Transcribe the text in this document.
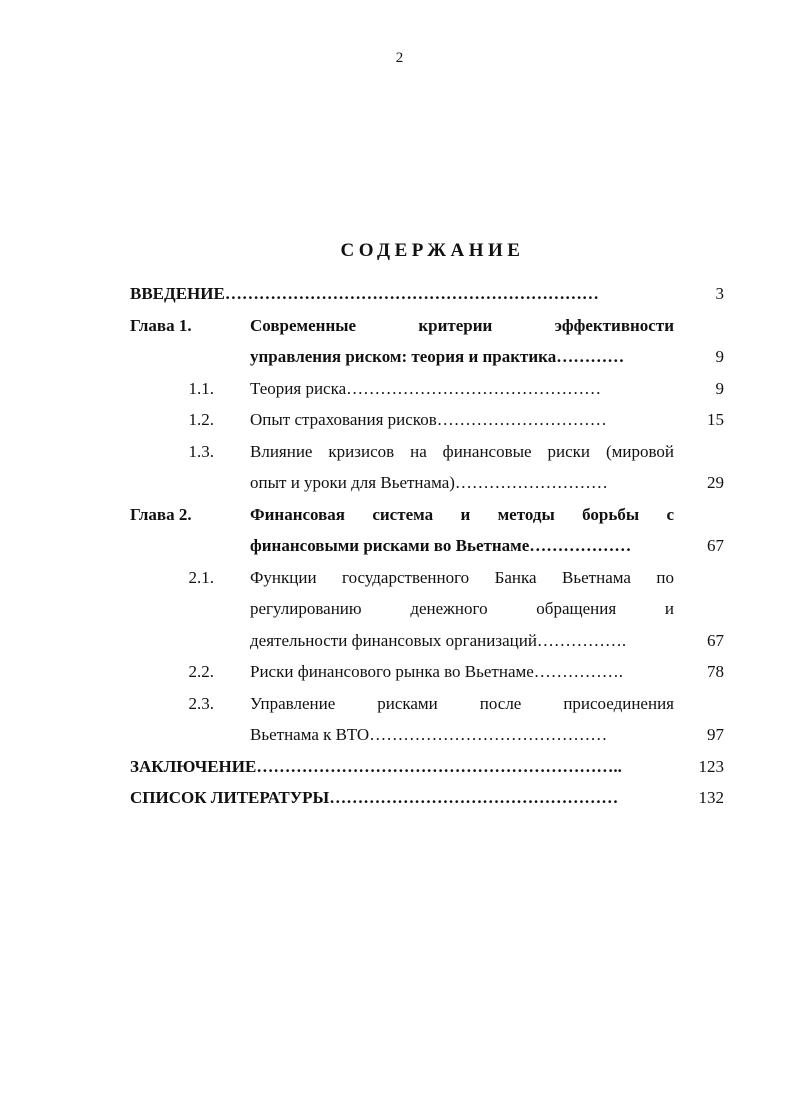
2
СОДЕРЖАНИЕ
ВВЕДЕНИЕ…………………………………………………………	3
Глава 1.	Современные критерии эффективности
управления риском: теория и практика…………	9
1.1. Теория риска………………………………………	9
1.2. Опыт страхования рисков…………………………	15
1.3. Влияние кризисов на финансовые риски (мировой
опыт и уроки для Вьетнама)………………………	29
Глава 2.	Финансовая система и методы борьбы с
финансовыми рисками во Вьетнаме………………	67
2.1. Функции государственного Банка Вьетнама по
регулированию денежного обращения и
деятельности финансовых организаций…………….	67
2.2. Риски финансового рынка во Вьетнаме…………….	78
2.3. Управление рисками после присоединения
Вьетнама к ВТО……………………………………	97
ЗАКЛЮЧЕНИЕ………………………………………………………..	123
СПИСОК ЛИТЕРАТУРЫ……………………………………………	132
